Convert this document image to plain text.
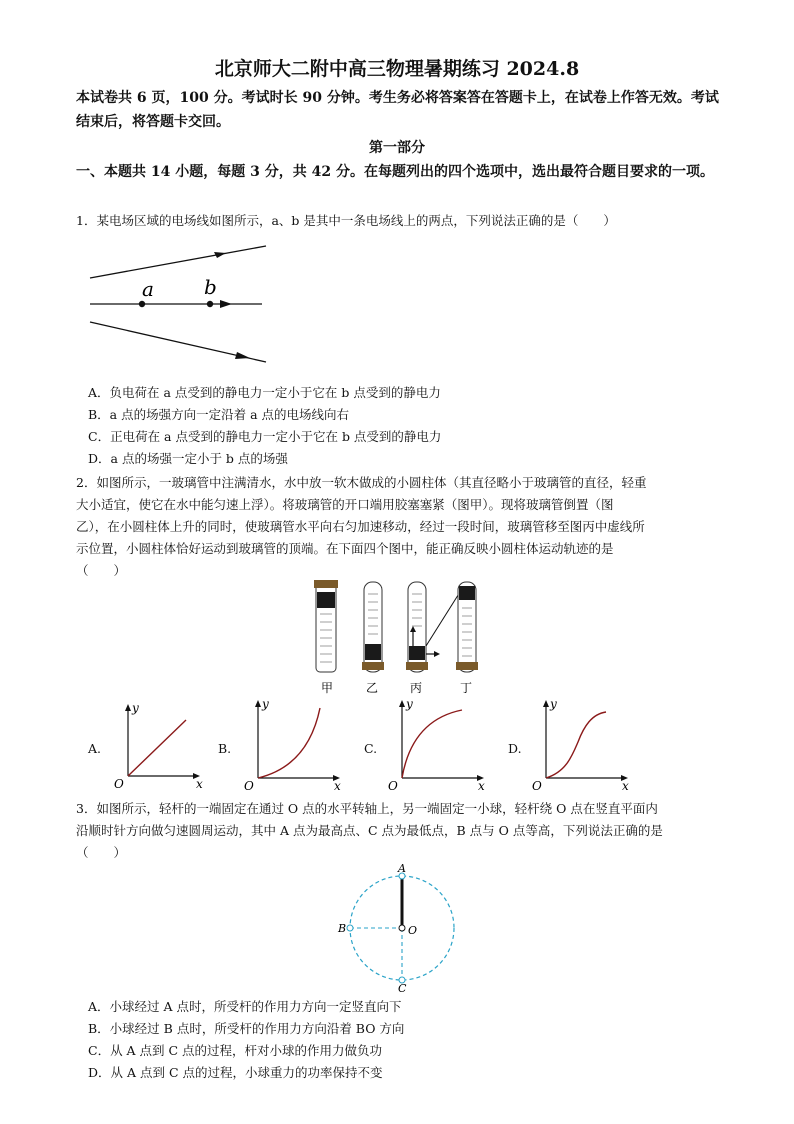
北京师大二附中高三物理暑期练习 2024.8
本试卷共 6 页，100 分。考试时长 90 分钟。考生务必将答案答在答题卡上，在试卷上作答无效。考试结束后，将答题卡交回。
第一部分
一、本题共 14 小题，每题 3 分，共 42 分。在每题列出的四个选项中，选出最符合题目要求的一项。
1．某电场区域的电场线如图所示，a、b 是其中一条电场线上的两点，下列说法正确的是（　　）
a	b
A．负电荷在 a 点受到的静电力一定小于它在 b 点受到的静电力
B．a 点的场强方向一定沿着 a 点的电场线向右
C．正电荷在 a 点受到的静电力一定小于它在 b 点受到的静电力
D．a 点的场强一定小于 b 点的场强
2．如图所示，一玻璃管中注满清水，水中放一软木做成的小圆柱体（其直径略小于玻璃管的直径，轻重
大小适宜，使它在水中能匀速上浮）。将玻璃管的开口端用胶塞塞紧（图甲）。现将玻璃管倒置（图
乙），在小圆柱体上升的同时，使玻璃管水平向右匀加速移动，经过一段时间，玻璃管移至图丙中虚线所
示位置，小圆柱体恰好运动到玻璃管的顶端。在下面四个图中，能正确反映小圆柱体运动轨迹的是
（　　）
甲	乙	丙	丁
A.
y
x
O
B.
y
x
O
C.
y
x
O
D.
y
x
O
3．如图所示，轻杆的一端固定在通过 O 点的水平转轴上，另一端固定一小球，轻杆绕 O 点在竖直平面内
沿顺时针方向做匀速圆周运动，其中 A 点为最高点、C 点为最低点，B 点与 O 点等高，下列说法正确的是
（　　）
A
B
C
O
A．小球经过 A 点时，所受杆的作用力方向一定竖直向下
B．小球经过 B 点时，所受杆的作用力方向沿着 BO 方向
C．从 A 点到 C 点的过程，杆对小球的作用力做负功
D．从 A 点到 C 点的过程，小球重力的功率保持不变
